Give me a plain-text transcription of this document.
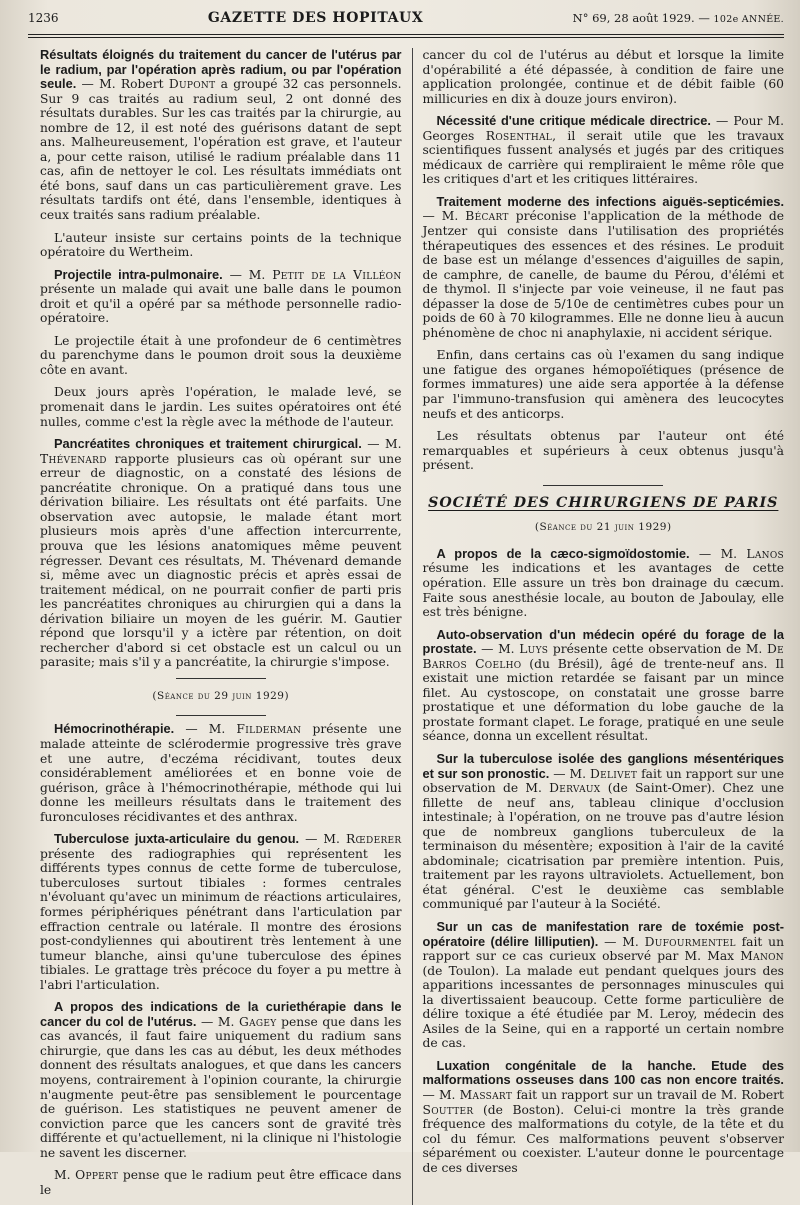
1236	GAZETTE DES HOPITAUX	N° 69, 28 août 1929. — 102e ANNÉE.

Résultats éloignés du traitement du cancer de l'utérus par le radium, par l'opération après radium, ou par l'opération seule. — M. Robert Dupont a groupé 32 cas personnels. Sur 9 cas traités au radium seul, 2 ont donné des résultats durables. Sur les cas traités par la chirurgie, au nombre de 12, il est noté des guérisons datant de sept ans. Malheureusement, l'opération est grave, et l'auteur a, pour cette raison, utilisé le radium préalable dans 11 cas, afin de nettoyer le col. Les résultats immédiats ont été bons, sauf dans un cas particulièrement grave. Les résultats tardifs ont été, dans l'ensemble, identiques à ceux traités sans radium préalable.

L'auteur insiste sur certains points de la technique opératoire du Wertheim.

Projectile intra-pulmonaire. — M. Petit de la Villéon présente un malade qui avait une balle dans le poumon droit et qu'il a opéré par sa méthode personnelle radio-opératoire.

Le projectile était à une profondeur de 6 centimètres du parenchyme dans le poumon droit sous la deuxième côte en avant.

Deux jours après l'opération, le malade levé, se promenait dans le jardin. Les suites opératoires ont été nulles, comme c'est la règle avec la méthode de l'auteur.

Pancréatites chroniques et traitement chirurgical. — M. Thévenard rapporte plusieurs cas où opérant sur une erreur de diagnostic, on a constaté des lésions de pancréatite chronique. On a pratiqué dans tous une dérivation biliaire. Les résultats ont été parfaits. Une observation avec autopsie, le malade étant mort plusieurs mois après d'une affection intercurrente, prouva que les lésions anatomiques même peuvent régresser. Devant ces résultats, M. Thévenard demande si, même avec un diagnostic précis et après essai de traitement médical, on ne pourrait confier de parti pris les pancréatites chroniques au chirurgien qui a dans la dérivation biliaire un moyen de les guérir. M. Gautier répond que lorsqu'il y a ictère par rétention, on doit rechercher d'abord si cet obstacle est un calcul ou un parasite; mais s'il y a pancréatite, la chirurgie s'impose.

(Séance du 29 juin 1929)

Hémocrinothérapie. — M. Filderman présente une malade atteinte de sclérodermie progressive très grave et une autre, d'eczéma récidivant, toutes deux considérablement améliorées et en bonne voie de guérison, grâce à l'hémocrinothérapie, méthode qui lui donne les meilleurs résultats dans le traitement des furonculoses récidivantes et des anthrax.

Tuberculose juxta-articulaire du genou. — M. Rœderer présente des radiographies qui représentent les différents types connus de cette forme de tuberculose, tuberculoses surtout tibiales : formes centrales n'évoluant qu'avec un minimum de réactions articulaires, formes périphériques pénétrant dans l'articulation par effraction centrale ou latérale. Il montre des érosions post-condyliennes qui aboutirent très lentement à une tumeur blanche, ainsi qu'une tuberculose des épines tibiales. Le grattage très précoce du foyer a pu mettre à l'abri l'articulation.

A propos des indications de la curiethérapie dans le cancer du col de l'utérus. — M. Gagey pense que dans les cas avancés, il faut faire uniquement du radium sans chirurgie, que dans les cas au début, les deux méthodes donnent des résultats analogues, et que dans les cancers moyens, contrairement à l'opinion courante, la chirurgie n'augmente peut-être pas sensiblement le pourcentage de guérison. Les statistiques ne peuvent amener de conviction parce que les cancers sont de gravité très différente et qu'actuellement, ni la clinique ni l'histologie ne savent les discerner.

M. Oppert pense que le radium peut être efficace dans le

cancer du col de l'utérus au début et lorsque la limite d'opérabilité a été dépassée, à condition de faire une application prolongée, continue et de débit faible (60 millicuries en dix à douze jours environ).

Nécessité d'une critique médicale directrice. — Pour M. Georges Rosenthal, il serait utile que les travaux scientifiques fussent analysés et jugés par des critiques médicaux de carrière qui rempliraient le même rôle que les critiques d'art et les critiques littéraires.

Traitement moderne des infections aiguës-septicémies.— M. Bécart préconise l'application de la méthode de Jentzer qui consiste dans l'utilisation des propriétés thérapeutiques des essences et des résines. Le produit de base est un mélange d'essences d'aiguilles de sapin, de camphre, de canelle, de baume du Pérou, d'élémi et de thymol. Il s'injecte par voie veineuse, il ne faut pas dépasser la dose de 5/10e de centimètres cubes pour un poids de 60 à 70 kilogrammes. Elle ne donne lieu à aucun phénomène de choc ni anaphylaxie, ni accident sérique.

Enfin, dans certains cas où l'examen du sang indique une fatigue des organes hémopoïétiques (présence de formes immatures) une aide sera apportée à la défense par l'immuno-transfusion qui amènera des leucocytes neufs et des anticorps.

Les résultats obtenus par l'auteur ont été remarquables et supérieurs à ceux obtenus jusqu'à présent.

SOCIÉTÉ DES CHIRURGIENS DE PARIS
(Séance du 21 juin 1929)

A propos de la cæco-sigmoïdostomie. — M. Lanos résume les indications et les avantages de cette opération. Elle assure un très bon drainage du cæcum. Faite sous anesthésie locale, au bouton de Jaboulay, elle est très bénigne.

Auto-observation d'un médecin opéré du forage de la prostate. — M. Luys présente cette observation de M. De Barros Coelho (du Brésil), âgé de trente-neuf ans. Il existait une miction retardée se faisant par un mince filet. Au cystoscope, on constatait une grosse barre prostatique et une déformation du lobe gauche de la prostate formant clapet. Le forage, pratiqué en une seule séance, donna un excellent résultat.

Sur la tuberculose isolée des ganglions mésentériques et sur son pronostic. — M. Delivet fait un rapport sur une observation de M. Dervaux (de Saint-Omer). Chez une fillette de neuf ans, tableau clinique d'occlusion intestinale; à l'opération, on ne trouve pas d'autre lésion que de nombreux ganglions tuberculeux de la terminaison du mésentère; exposition à l'air de la cavité abdominale; cicatrisation par première intention. Puis, traitement par les rayons ultraviolets. Actuellement, bon état général. C'est le deuxième cas semblable communiqué par l'auteur à la Société.

Sur un cas de manifestation rare de toxémie post-opératoire (délire lilliputien). — M. Dufourmentel fait un rapport sur ce cas curieux observé par M. Max Manon (de Toulon). La malade eut pendant quelques jours des apparitions incessantes de personnages minuscules qui la divertissaient beaucoup. Cette forme particulière de délire toxique a été étudiée par M. Leroy, médecin des Asiles de la Seine, qui en a rapporté un certain nombre de cas.

Luxation congénitale de la hanche. Etude des malformations osseuses dans 100 cas non encore traités. — M. Massart fait un rapport sur un travail de M. Robert Soutter (de Boston). Celui-ci montre la très grande fréquence des malformations du cotyle, de la tête et du col du fémur. Ces malformations peuvent s'observer séparément ou coexister. L'auteur donne le pourcentage de ces diverses
